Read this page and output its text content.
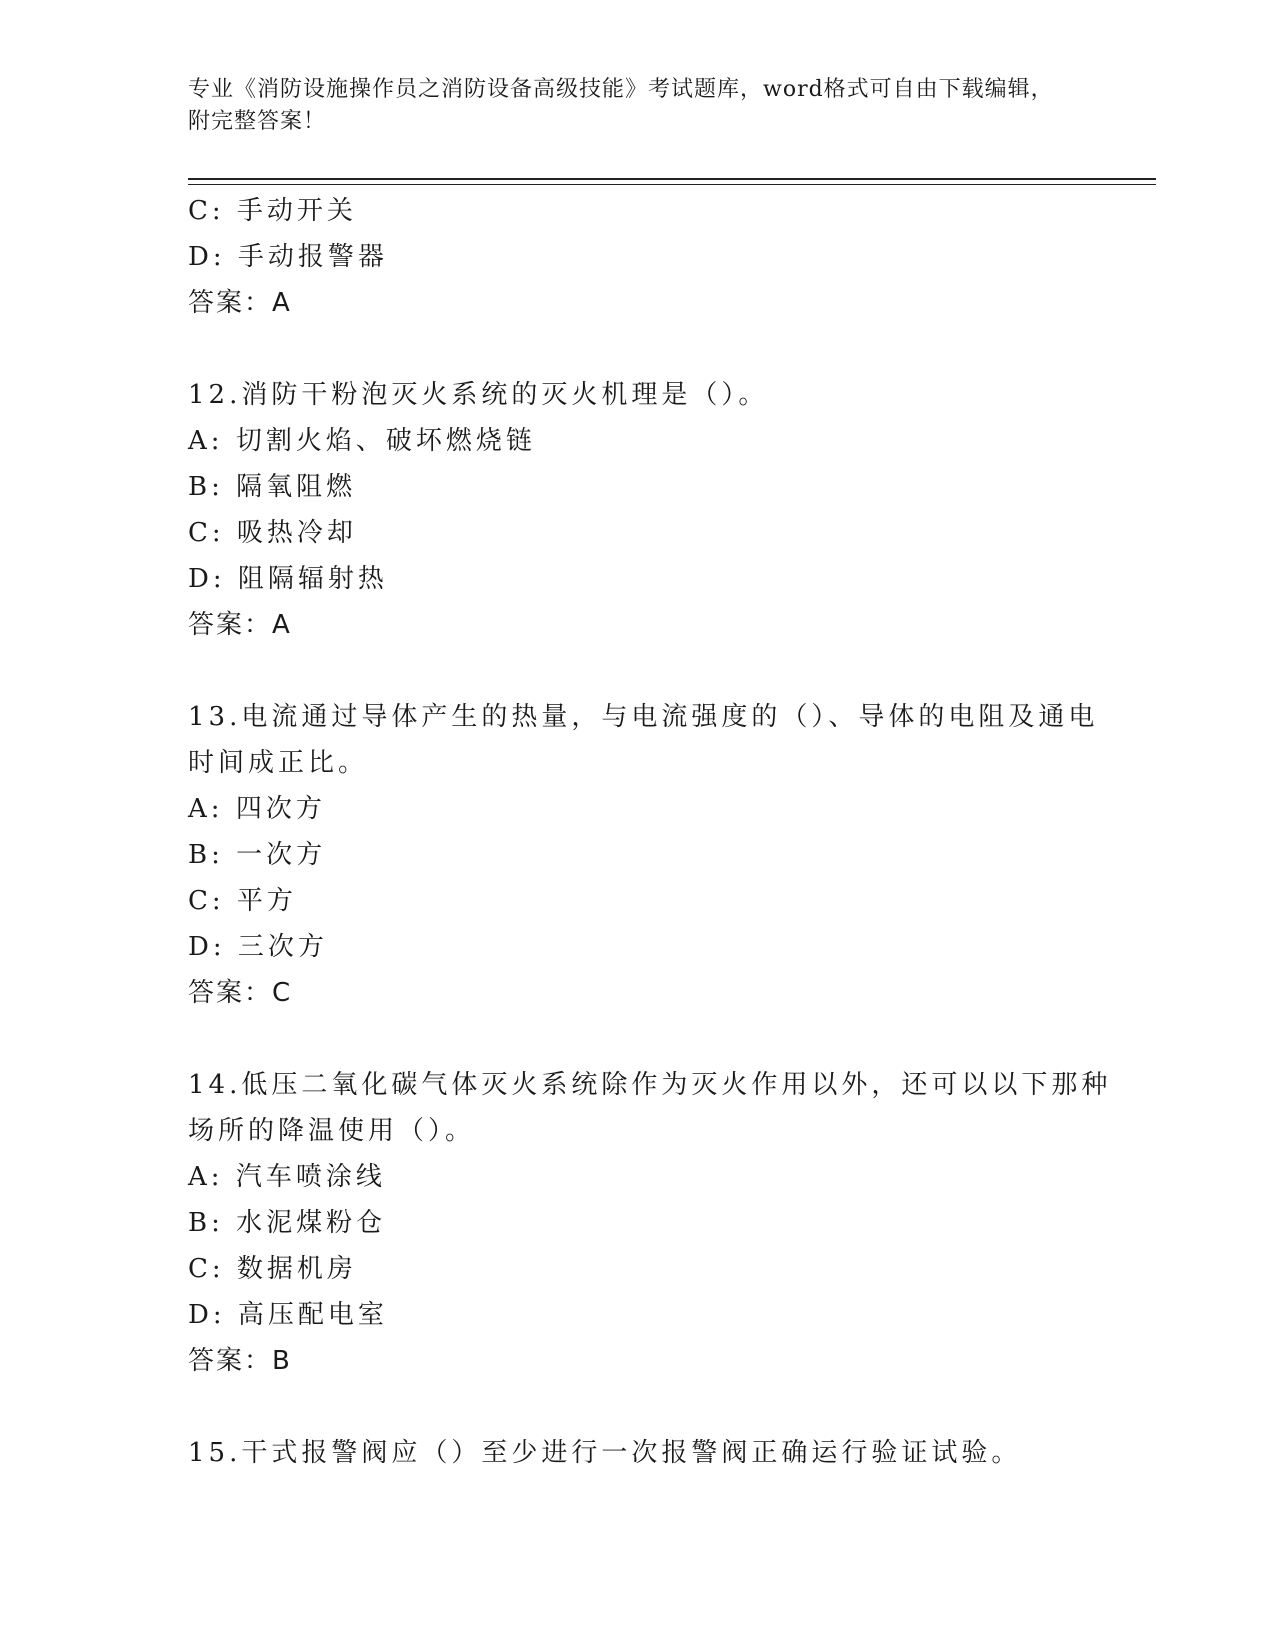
专业《消防设施操作员之消防设备高级技能》考试题库，word格式可自由下载编辑，附完整答案！
C: 手动开关
D: 手动报警器
答案：A
12.消防干粉泡灭火系统的灭火机理是（）。
A: 切割火焰、破坏燃烧链
B: 隔氧阻燃
C: 吸热冷却
D: 阻隔辐射热
答案：A
13.电流通过导体产生的热量，与电流强度的（）、导体的电阻及通电
时间成正比。
A: 四次方
B: 一次方
C: 平方
D: 三次方
答案：C
14.低压二氧化碳气体灭火系统除作为灭火作用以外，还可以以下那种
场所的降温使用（）。
A: 汽车喷涂线
B: 水泥煤粉仓
C: 数据机房
D: 高压配电室
答案：B
15.干式报警阀应（）至少进行一次报警阀正确运行验证试验。
